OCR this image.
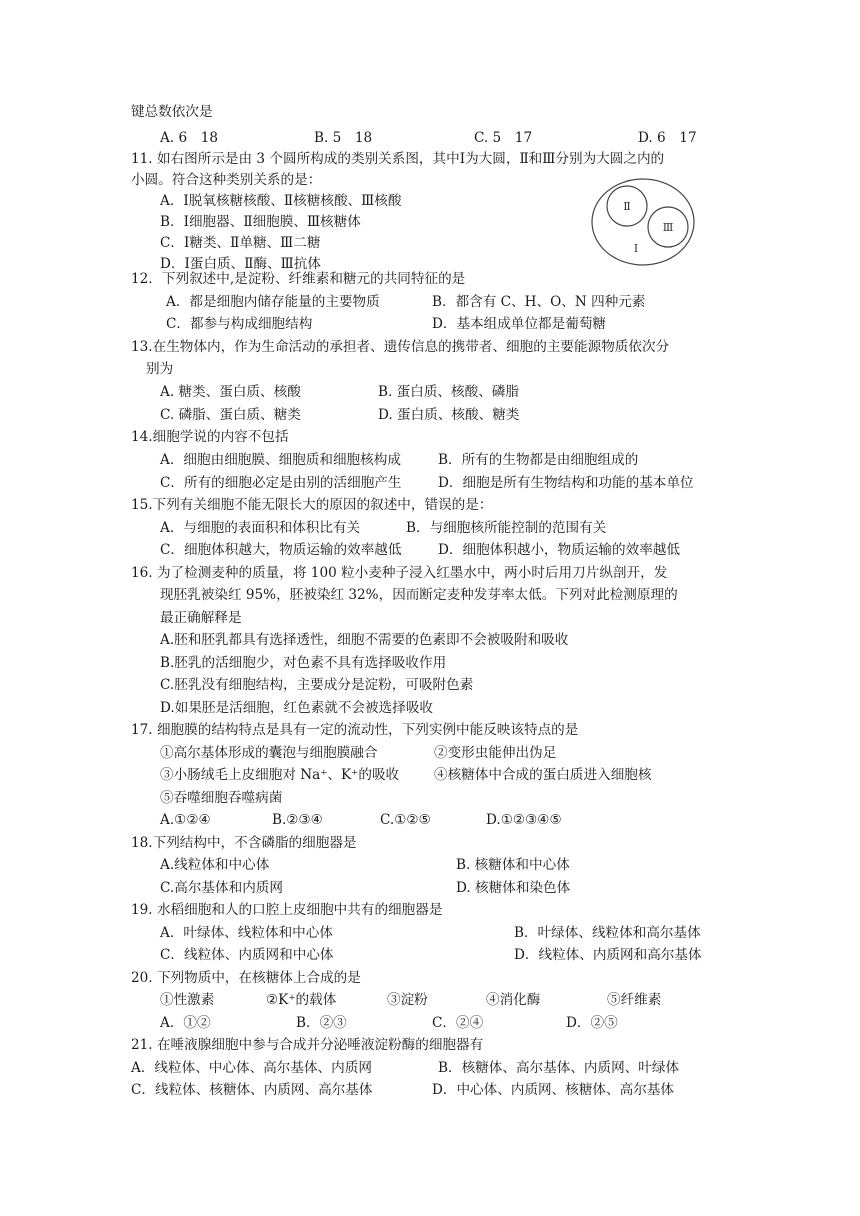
键总数依次是
A. 6　18	B. 5　18	C. 5　17	D. 6　17
11. 如右图所示是由 3 个圆所构成的类别关系图，其中Ⅰ为大圆，Ⅱ和Ⅲ分别为大圆之内的
小圆。符合这种类别关系的是：
A．Ⅰ脱氧核糖核酸、Ⅱ核糖核酸、Ⅲ核酸
B．Ⅰ细胞器、Ⅱ细胞膜、Ⅲ核糖体
C．Ⅰ糖类、Ⅱ单糖、Ⅲ二糖
D．Ⅰ蛋白质、Ⅱ酶、Ⅲ抗体
Ⅱ
Ⅲ
Ⅰ
12．下列叙述中,是淀粉、纤维素和糖元的共同特征的是
A．都是细胞内储存能量的主要物质	B．都含有 C、H、O、N 四种元素
C．都参与构成细胞结构	D．基本组成单位都是葡萄糖
13.在生物体内，作为生命活动的承担者、遗传信息的携带者、细胞的主要能源物质依次分
别为
A. 糖类、蛋白质、核酸	B. 蛋白质、核酸、磷脂
C. 磷脂、蛋白质、糖类	D. 蛋白质、核酸、糖类
14.细胞学说的内容不包括
A．细胞由细胞膜、细胞质和细胞核构成	B．所有的生物都是由细胞组成的
C．所有的细胞必定是由别的活细胞产生	D．细胞是所有生物结构和功能的基本单位
15.下列有关细胞不能无限长大的原因的叙述中，错误的是：
A．与细胞的表面积和体积比有关	B．与细胞核所能控制的范围有关
C．细胞体积越大，物质运输的效率越低	D．细胞体积越小，物质运输的效率越低
16. 为了检测麦种的质量，将 100 粒小麦种子浸入红墨水中，两小时后用刀片纵剖开，发
现胚乳被染红 95%，胚被染红 32%，因而断定麦种发芽率太低。下列对此检测原理的
最正确解释是
A.胚和胚乳都具有选择透性，细胞不需要的色素即不会被吸附和吸收
B.胚乳的活细胞少，对色素不具有选择吸收作用
C.胚乳没有细胞结构，主要成分是淀粉，可吸附色素
D.如果胚是活细胞，红色素就不会被选择吸收
17. 细胞膜的结构特点是具有一定的流动性，下列实例中能反映该特点的是
①高尔基体形成的囊泡与细胞膜融合	②变形虫能伸出伪足
③小肠绒毛上皮细胞对 Na⁺、K⁺的吸收	④核糖体中合成的蛋白质进入细胞核
⑤吞噬细胞吞噬病菌
A.①②④	B.②③④	C.①②⑤	D.①②③④⑤
18.下列结构中，不含磷脂的细胞器是
A.线粒体和中心体	B. 核糖体和中心体
C.高尔基体和内质网	D. 核糖体和染色体
19. 水稻细胞和人的口腔上皮细胞中共有的细胞器是
A．叶绿体、线粒体和中心体	B．叶绿体、线粒体和高尔基体
C．线粒体、内质网和中心体	D．线粒体、内质网和高尔基体
20. 下列物质中，在核糖体上合成的是
①性激素	②K⁺的载体	③淀粉	④消化酶	⑤纤维素
A．①②	B．②③	C．②④	D．②⑤
21. 在唾液腺细胞中参与合成并分泌唾液淀粉酶的细胞器有
A．线粒体、中心体、高尔基体、内质网	B．核糖体、高尔基体、内质网、叶绿体
C．线粒体、核糖体、内质网、高尔基体	D．中心体、内质网、核糖体、高尔基体
